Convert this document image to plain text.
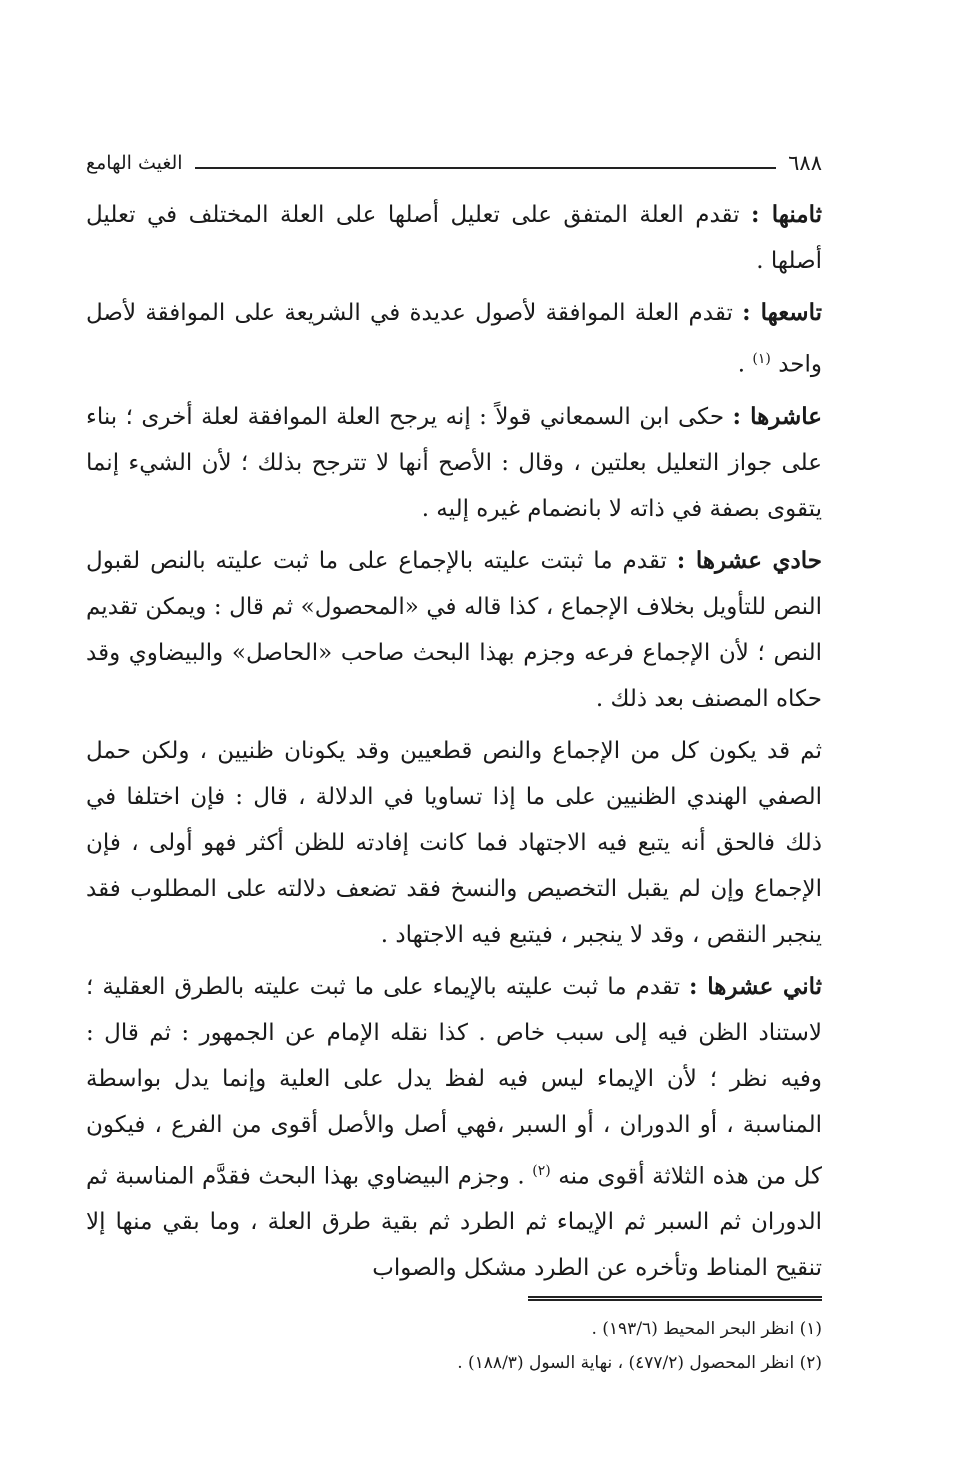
٦٨٨
الغيث الهامع

ثامنها : تقدم العلة المتفق على تعليل أصلها على العلة المختلف في تعليل أصلها .

تاسعها : تقدم العلة الموافقة لأصول عديدة في الشريعة على الموافقة لأصل واحد $^{(١)}$ .

عاشرها : حكى ابن السمعاني قولاً : إنه يرجح العلة الموافقة لعلة أخرى ؛ بناء على جواز التعليل بعلتين ، وقال : الأصح أنها لا تترجح بذلك ؛ لأن الشيء إنما يتقوى بصفة في ذاته لا بانضمام غيره إليه .

حادي عشرها : تقدم ما ثبتت عليته بالإجماع على ما ثبت عليته بالنص لقبول النص للتأويل بخلاف الإجماع ، كذا قاله في «المحصول» ثم قال : ويمكن تقديم النص ؛ لأن الإجماع فرعه وجزم بهذا البحث صاحب «الحاصل» والبيضاوي وقد حكاه المصنف بعد ذلك .

ثم قد يكون كل من الإجماع والنص قطعيين وقد يكونان ظنيين ، ولكن حمل الصفي الهندي الظنيين على ما إذا تساويا في الدلالة ، قال : فإن اختلفا في ذلك فالحق أنه يتبع فيه الاجتهاد فما كانت إفادته للظن أكثر فهو أولى ، فإن الإجماع وإن لم يقبل التخصيص والنسخ فقد تضعف دلالته على المطلوب فقد ينجبر النقص ، وقد لا ينجبر ، فيتبع فيه الاجتهاد .

ثاني عشرها : تقدم ما ثبت عليته بالإيماء على ما ثبت عليته بالطرق العقلية ؛ لاستناد الظن فيه إلى سبب خاص . كذا نقله الإمام عن الجمهور : ثم قال : وفيه نظر ؛ لأن الإيماء ليس فيه لفظ يدل على العلية وإنما يدل بواسطة المناسبة ، أو الدوران ، أو السبر ،فهي أصل والأصل أقوى من الفرع ، فيكون كل من هذه الثلاثة أقوى منه $^{(٢)}$ . وجزم البيضاوي بهذا البحث فقدَّم المناسبة ثم الدوران ثم السبر ثم الإيماء ثم الطرد ثم بقية طرق العلة ، وما بقي منها إلا تنقيح المناط وتأخره عن الطرد مشكل والصواب

(١) انظر البحر المحيط (١٩٣/٦) .
(٢) انظر المحصول (٤٧٧/٢) ، نهاية السول (١٨٨/٣) .
